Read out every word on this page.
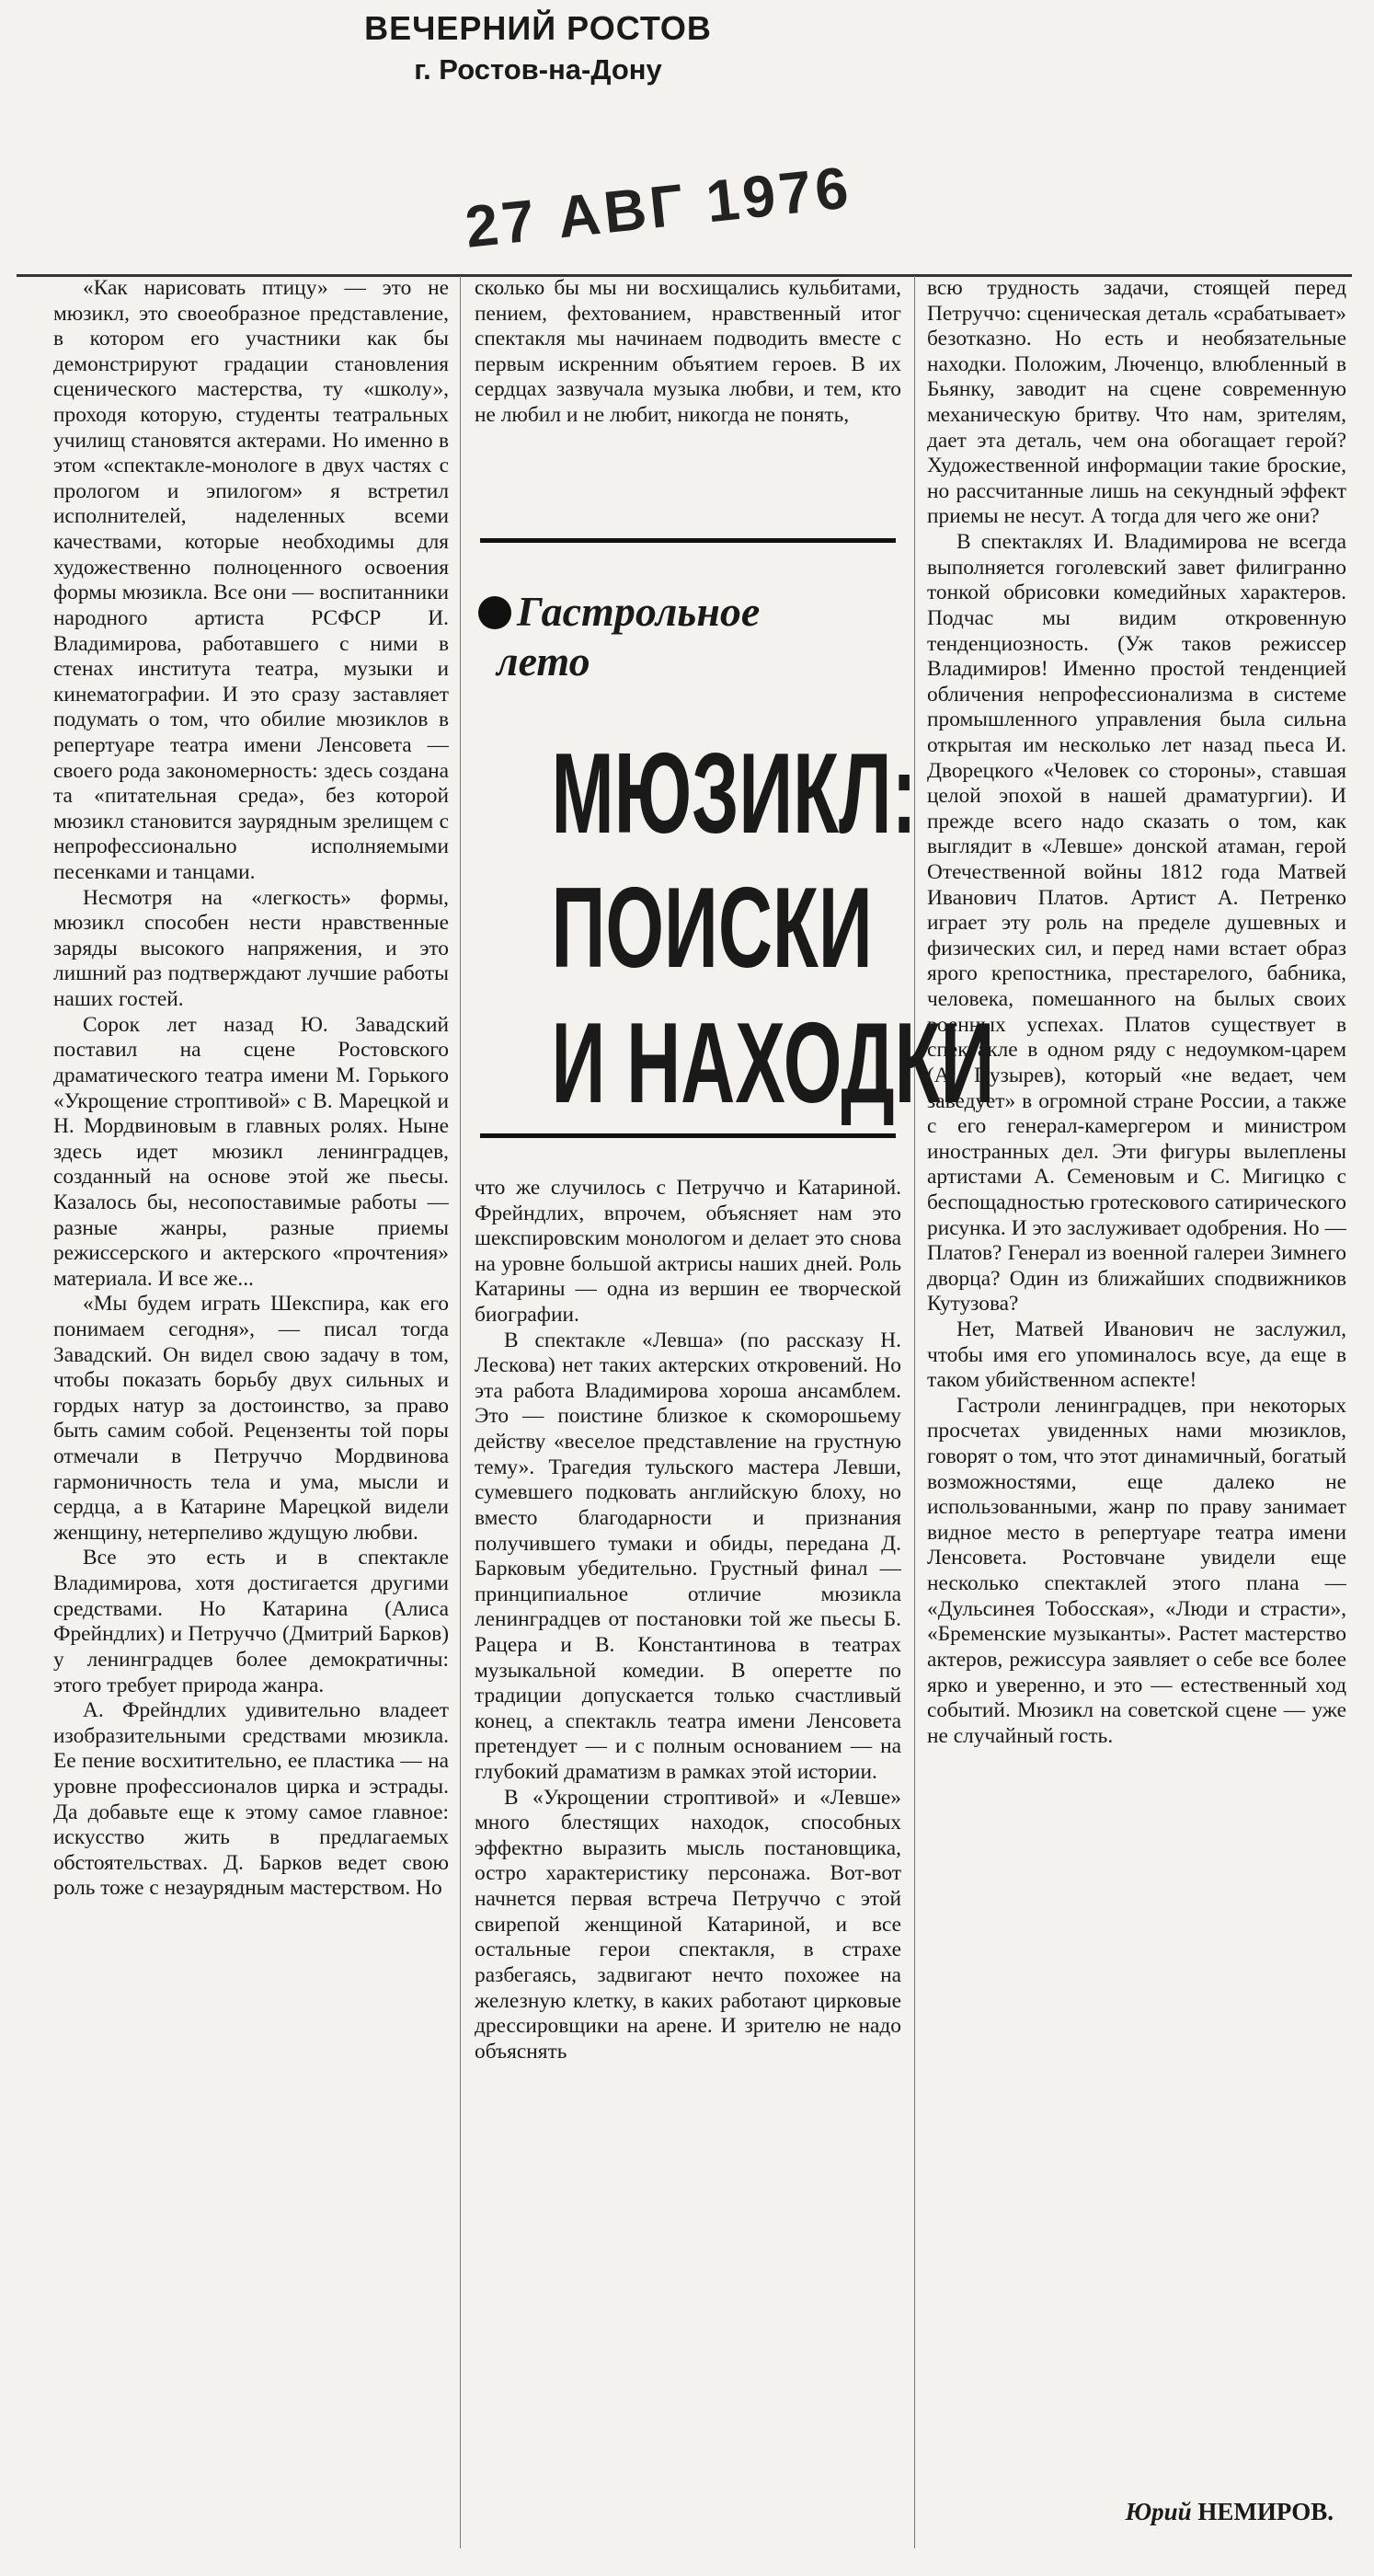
ВЕЧЕРНИЙ РОСТОВ
г. Ростов-на-Дону
27 АВГ 1976

«Как нарисовать птицу» — это не мюзикл, это своеобразное представление, в котором его участники как бы демонстрируют градации становления сценического мастерства, ту «школу», проходя которую, студенты театральных училищ становятся актерами. Но именно в этом «спектакле-монологе в двух частях с прологом и эпилогом» я встретил исполнителей, наделенных всеми качествами, которые необходимы для художественно полноценного освоения формы мюзикла. Все они — воспитанники народного артиста РСФСР И. Владимирова, работавшего с ними в стенах института театра, музыки и кинематографии. И это сразу заставляет подумать о том, что обилие мюзиклов в репертуаре театра имени Ленсовета — своего рода закономерность: здесь создана та «питательная среда», без которой мюзикл становится заурядным зрелищем с непрофессионально исполняемыми песенками и танцами.

Несмотря на «легкость» формы, мюзикл способен нести нравственные заряды высокого напряжения, и это лишний раз подтверждают лучшие работы наших гостей.

Сорок лет назад Ю. Завадский поставил на сцене Ростовского драматического театра имени М. Горького «Укрощение строптивой» с В. Марецкой и Н. Мордвиновым в главных ролях. Ныне здесь идет мюзикл ленинградцев, созданный на основе этой же пьесы. Казалось бы, несопоставимые работы — разные жанры, разные приемы режиссерского и актерского «прочтения» материала. И все же...

«Мы будем играть Шекспира, как его понимаем сегодня», — писал тогда Завадский. Он видел свою задачу в том, чтобы показать борьбу двух сильных и гордых натур за достоинство, за право быть самим собой. Рецензенты той поры отмечали в Петруччо Мордвинова гармоничность тела и ума, мысли и сердца, а в Катарине Марецкой видели женщину, нетерпеливо ждущую любви.

Все это есть и в спектакле Владимирова, хотя достигается другими средствами. Но Катарина (Алиса Фрейндлих) и Петруччо (Дмитрий Барков) у ленинградцев более демократичны: этого требует природа жанра.

А. Фрейндлих удивительно владеет изобразительными средствами мюзикла. Ее пение восхитительно, ее пластика — на уровне профессионалов цирка и эстрады. Да добавьте еще к этому самое главное: искусство жить в предлагаемых обстоятельствах. Д. Барков ведет свою роль тоже с незаурядным мастерством. Но

сколько бы мы ни восхищались кульбитами, пением, фехтованием, нравственный итог спектакля мы начинаем подводить вместе с первым искренним объятием героев. В их сердцах зазвучала музыка любви, и тем, кто не любил и не любит, никогда не понять,

Гастрольное
лето
МЮЗИКЛ:
ПОИСКИ
И НАХОДКИ

что же случилось с Петруччо и Катариной. Фрейндлих, впрочем, объясняет нам это шекспировским монологом и делает это снова на уровне большой актрисы наших дней. Роль Катарины — одна из вершин ее творческой биографии.

В спектакле «Левша» (по рассказу Н. Лескова) нет таких актерских откровений. Но эта работа Владимирова хороша ансамблем. Это — поистине близкое к скоморошьему действу «веселое представление на грустную тему». Трагедия тульского мастера Левши, сумевшего подковать английскую блоху, но вместо благодарности и признания получившего тумаки и обиды, передана Д. Барковым убедительно. Грустный финал — принципиальное отличие мюзикла ленинградцев от постановки той же пьесы Б. Рацера и В. Константинова в театрах музыкальной комедии. В оперетте по традиции допускается только счастливый конец, а спектакль театра имени Ленсовета претендует — и с полным основанием — на глубокий драматизм в рамках этой истории.

В «Укрощении строптивой» и «Левше» много блестящих находок, способных эффектно выразить мысль постановщика, остро характеристику персонажа. Вот-вот начнется первая встреча Петруччо с этой свирепой женщиной Катариной, и все остальные герои спектакля, в страхе разбегаясь, задвигают нечто похожее на железную клетку, в каких работают цирковые дрессировщики на арене. И зрителю не надо объяснять

всю трудность задачи, стоящей перед Петруччо: сценическая деталь «срабатывает» безотказно. Но есть и необязательные находки. Положим, Люченцо, влюбленный в Бьянку, заводит на сцене современную механическую бритву. Что нам, зрителям, дает эта деталь, чем она обогащает герой? Художественной информации такие броские, но рассчитанные лишь на секундный эффект приемы не несут. А тогда для чего же они?

В спектаклях И. Владимирова не всегда выполняется гоголевский завет филигранно тонкой обрисовки комедийных характеров. Подчас мы видим откровенную тенденциозность. (Уж таков режиссер Владимиров! Именно простой тенденцией обличения непрофессионализма в системе промышленного управления была сильна открытая им несколько лет назад пьеса И. Дворецкого «Человек со стороны», ставшая целой эпохой в нашей драматургии). И прежде всего надо сказать о том, как выглядит в «Левше» донской атаман, герой Отечественной войны 1812 года Матвей Иванович Платов. Артист А. Петренко играет эту роль на пределе душевных и физических сил, и перед нами встает образ ярого крепостника, престарелого, бабника, человека, помешанного на былых своих военных успехах. Платов существует в спектакле в одном ряду с недоумком-царем (А. Пузырев), который «не ведает, чем заведует» в огромной стране России, а также с его генерал-камергером и министром иностранных дел. Эти фигуры вылеплены артистами А. Семеновым и С. Мигицко с беспощадностью гротескового сатирического рисунка. И это заслуживает одобрения. Но — Платов? Генерал из военной галереи Зимнего дворца? Один из ближайших сподвижников Кутузова?

Нет, Матвей Иванович не заслужил, чтобы имя его упоминалось всуе, да еще в таком убийственном аспекте!

Гастроли ленинградцев, при некоторых просчетах увиденных нами мюзиклов, говорят о том, что этот динамичный, богатый возможностями, еще далеко не использованными, жанр по праву занимает видное место в репертуаре театра имени Ленсовета. Ростовчане увидели еще несколько спектаклей этого плана — «Дульсинея Тобосская», «Люди и страсти», «Бременские музыканты». Растет мастерство актеров, режиссура заявляет о себе все более ярко и уверенно, и это — естественный ход событий. Мюзикл на советской сцене — уже не случайный гость.

Юрий НЕМИРОВ.
